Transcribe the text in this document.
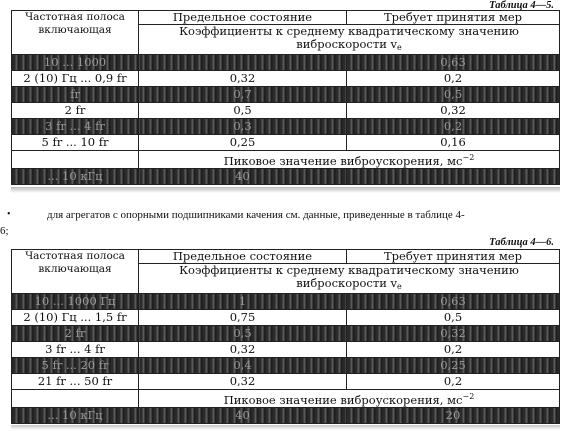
Таблица 4—5.
Частотная полоса включающая	Предельное состояние	Требует принятия мер
	Коэффициенты к среднему квадратическому значению виброскорости $v_e$
10 ... 1000		0,63
2 (10) Гц ... 0,9 fr	0,32	0,2
fr	0,7	0,5
2 fr	0,5	0,32
3 fr ... 4 fr	0,3	0,2
5 fr ... 10 fr	0,25	0,16
	Пиковое значение виброускорения, $мс^{-2}$
... 10 кГц	40	
•	для агрегатов с опорными подшипниками качения см. данные, приведенные в таблице 4-
6;
Таблица 4—6.
Частотная полоса включающая	Предельное состояние	Требует принятия мер
	Коэффициенты к среднему квадратическому значению виброскорости $v_e$
10 ... 1000 Гц	1	0,63
2 (10) Гц ... 1,5 fr	0,75	0,5
2 fr	0,5	0,32
3 fr ... 4 fr	0,32	0,2
5 fr ... 20 fr	0,4	0,25
21 fr ... 50 fr	0,32	0,2
	Пиковое значение виброускорения, $мс^{-2}$
... 10 кГц	40	20
